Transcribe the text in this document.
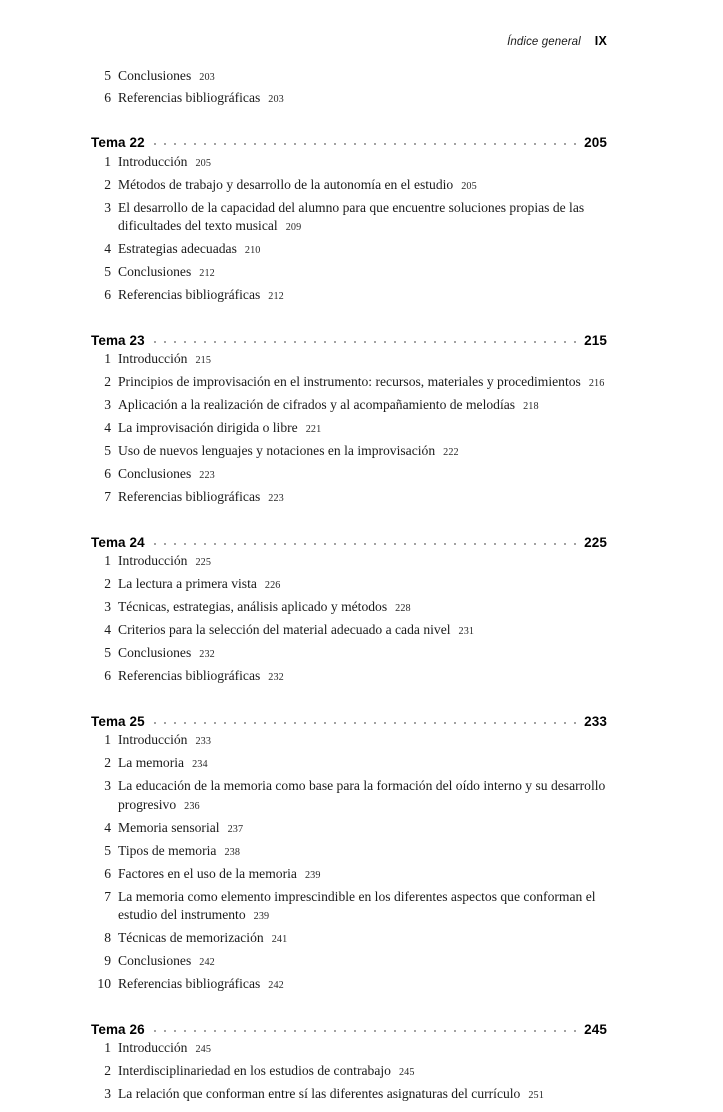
Índice general IX
5 Conclusiones 203
6 Referencias bibliográficas 203
Tema 22	205
1 Introducción 205
2 Métodos de trabajo y desarrollo de la autonomía en el estudio 205
3 El desarrollo de la capacidad del alumno para que encuentre soluciones propias de las dificultades del texto musical 209
4 Estrategias adecuadas 210
5 Conclusiones 212
6 Referencias bibliográficas 212
Tema 23	215
1 Introducción 215
2 Principios de improvisación en el instrumento: recursos, materiales y procedimientos 216
3 Aplicación a la realización de cifrados y al acompañamiento de melodías 218
4 La improvisación dirigida o libre 221
5 Uso de nuevos lenguajes y notaciones en la improvisación 222
6 Conclusiones 223
7 Referencias bibliográficas 223
Tema 24	225
1 Introducción 225
2 La lectura a primera vista 226
3 Técnicas, estrategias, análisis aplicado y métodos 228
4 Criterios para la selección del material adecuado a cada nivel 231
5 Conclusiones 232
6 Referencias bibliográficas 232
Tema 25	233
1 Introducción 233
2 La memoria 234
3 La educación de la memoria como base para la formación del oído interno y su desarrollo progresivo 236
4 Memoria sensorial 237
5 Tipos de memoria 238
6 Factores en el uso de la memoria 239
7 La memoria como elemento imprescindible en los diferentes aspectos que conforman el estudio del instrumento 239
8 Técnicas de memorización 241
9 Conclusiones 242
10 Referencias bibliográficas 242
Tema 26	245
1 Introducción 245
2 Interdisciplinariedad en los estudios de contrabajo 245
3 La relación que conforman entre sí las diferentes asignaturas del currículo 251
